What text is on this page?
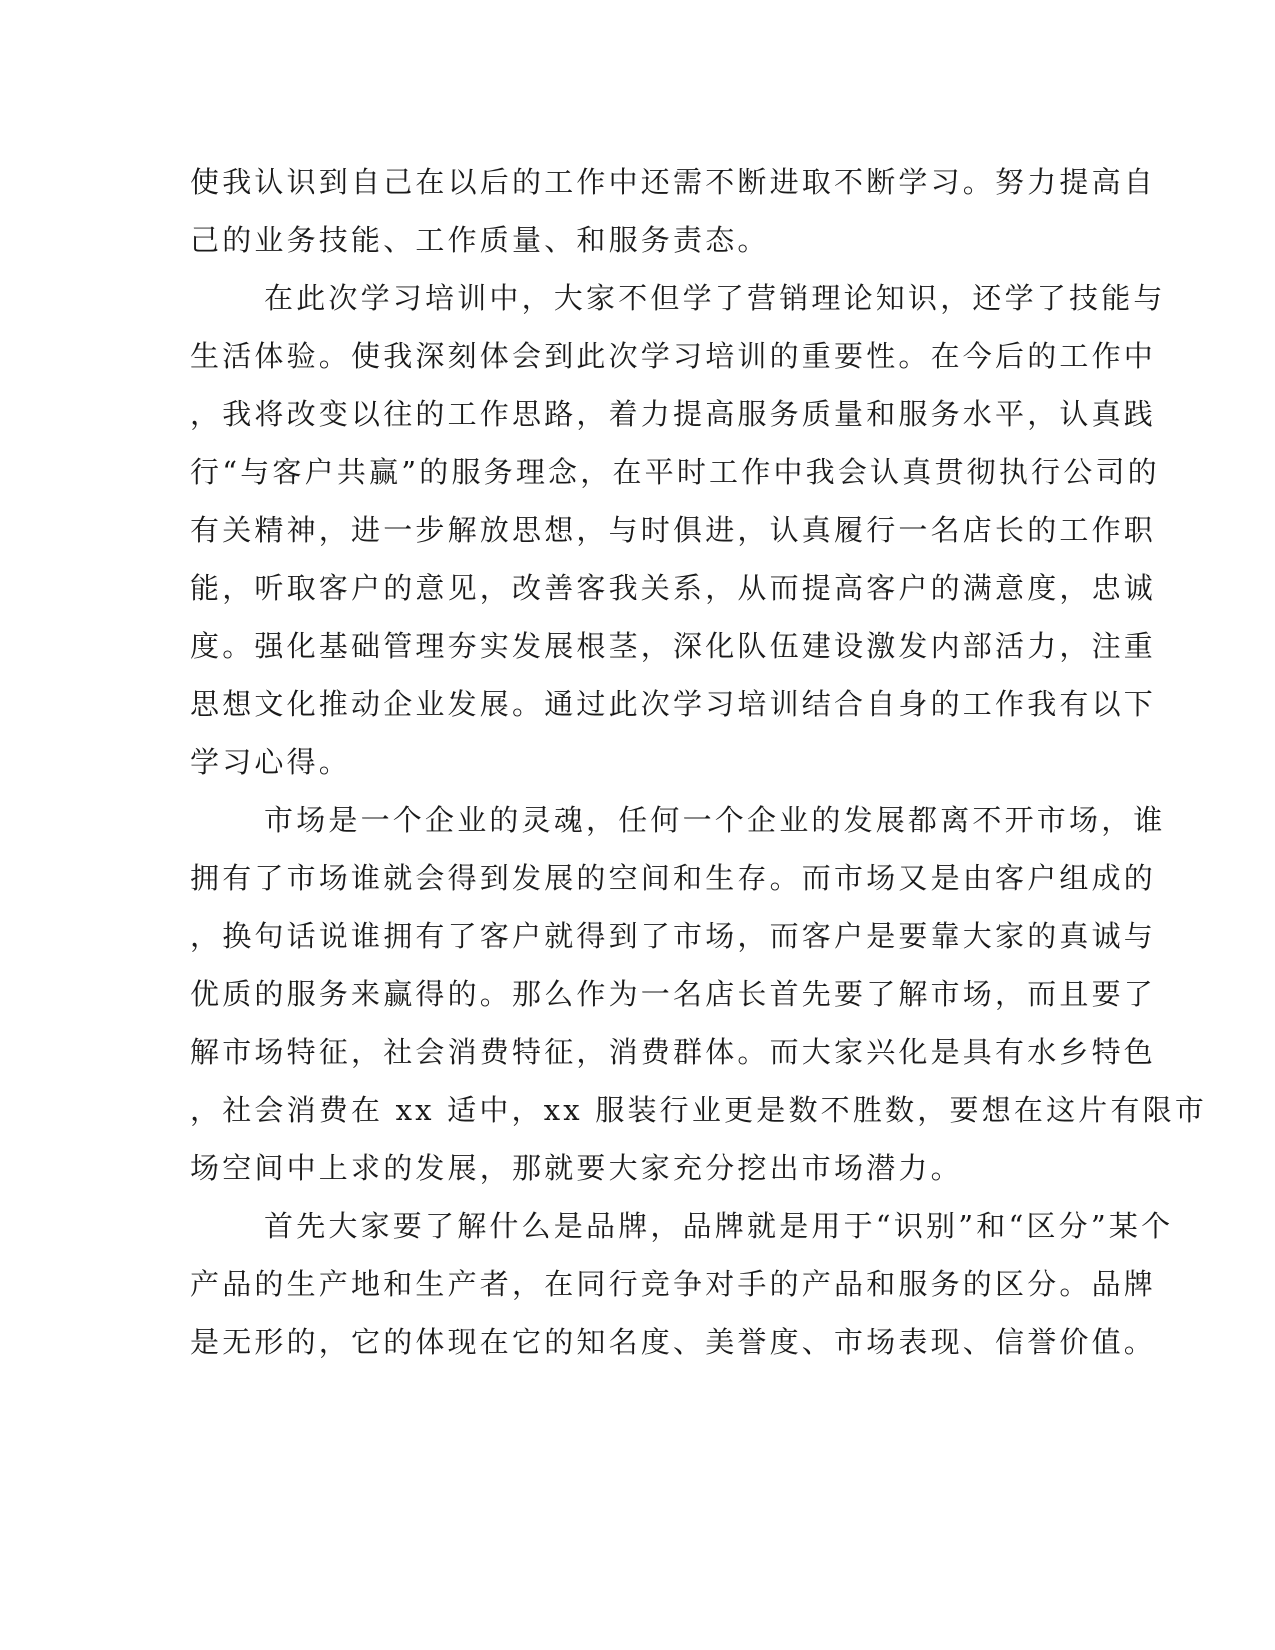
使我认识到自己在以后的工作中还需不断进取不断学习。努力提高自
己的业务技能、工作质量、和服务责态。
在此次学习培训中，大家不但学了营销理论知识，还学了技能与
生活体验。使我深刻体会到此次学习培训的重要性。在今后的工作中
，我将改变以往的工作思路，着力提高服务质量和服务水平，认真践
行“与客户共赢”的服务理念，在平时工作中我会认真贯彻执行公司的
有关精神，进一步解放思想，与时俱进，认真履行一名店长的工作职
能，听取客户的意见，改善客我关系，从而提高客户的满意度，忠诚
度。强化基础管理夯实发展根茎，深化队伍建设激发内部活力，注重
思想文化推动企业发展。通过此次学习培训结合自身的工作我有以下
学习心得。
市场是一个企业的灵魂，任何一个企业的发展都离不开市场，谁
拥有了市场谁就会得到发展的空间和生存。而市场又是由客户组成的
，换句话说谁拥有了客户就得到了市场，而客户是要靠大家的真诚与
优质的服务来赢得的。那么作为一名店长首先要了解市场，而且要了
解市场特征，社会消费特征，消费群体。而大家兴化是具有水乡特色
，社会消费在 xx 适中，xx 服装行业更是数不胜数，要想在这片有限市
场空间中上求的发展，那就要大家充分挖出市场潜力。
首先大家要了解什么是品牌，品牌就是用于“识别”和“区分”某个
产品的生产地和生产者，在同行竞争对手的产品和服务的区分。品牌
是无形的，它的体现在它的知名度、美誉度、市场表现、信誉价值。
